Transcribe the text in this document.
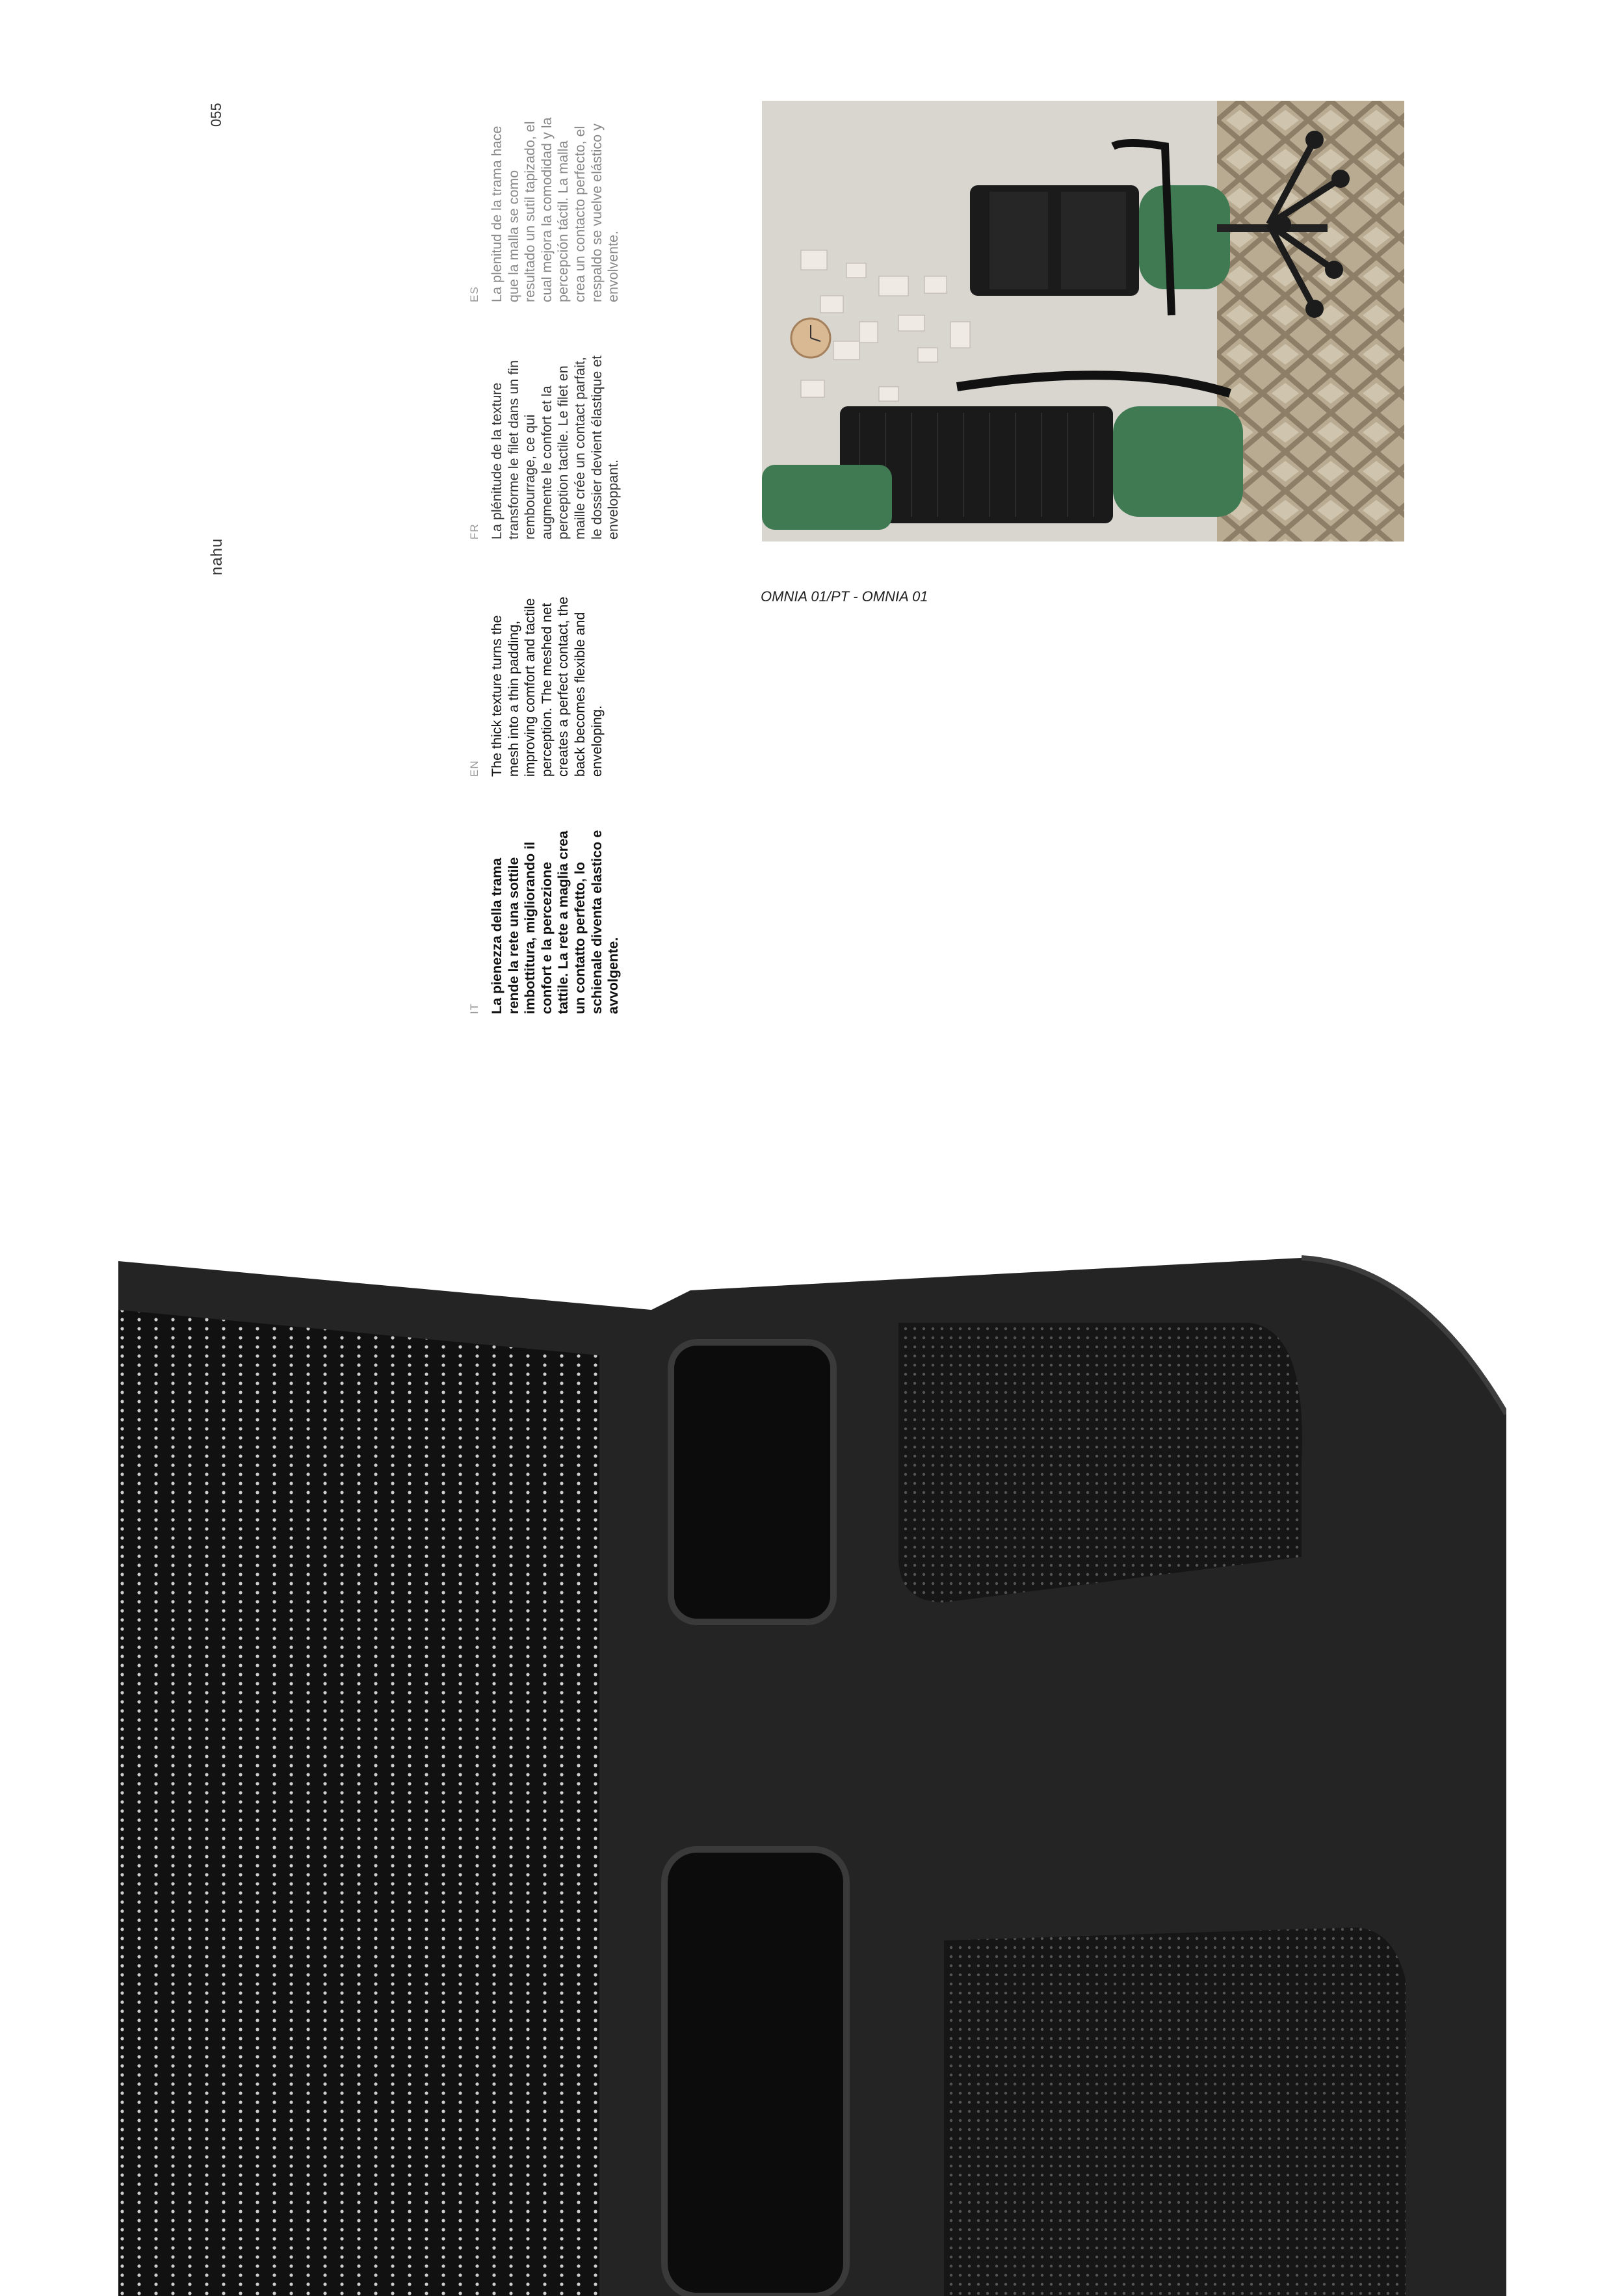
055
nahu
IT La pienezza della trama rende la rete una sottile imbottitura, migliorando il confort e la percezione tattile. La rete a maglia crea un contatto perfetto, lo schienale diventa elastico e avvolgente.
EN The thick texture turns the mesh into a thin padding, improving comfort and tactile perception. The meshed net creates a perfect contact, the back becomes flexible and enveloping.
FR La plénitude de la texture transforme le filet dans un fin rembourrage, ce qui augmente le confort et la perception tactile. Le filet en maille crée un contact parfait, le dossier devient élastique et enveloppant.
ES La plenitud de la trama hace que la malla se como resultado un sutil tapizado, el cual mejora la comodidad y la percepción táctil. La malla crea un contacto perfecto, el respaldo se vuelve elástico y envolvente.
OMNIA 01/PT - OMNIA 01
